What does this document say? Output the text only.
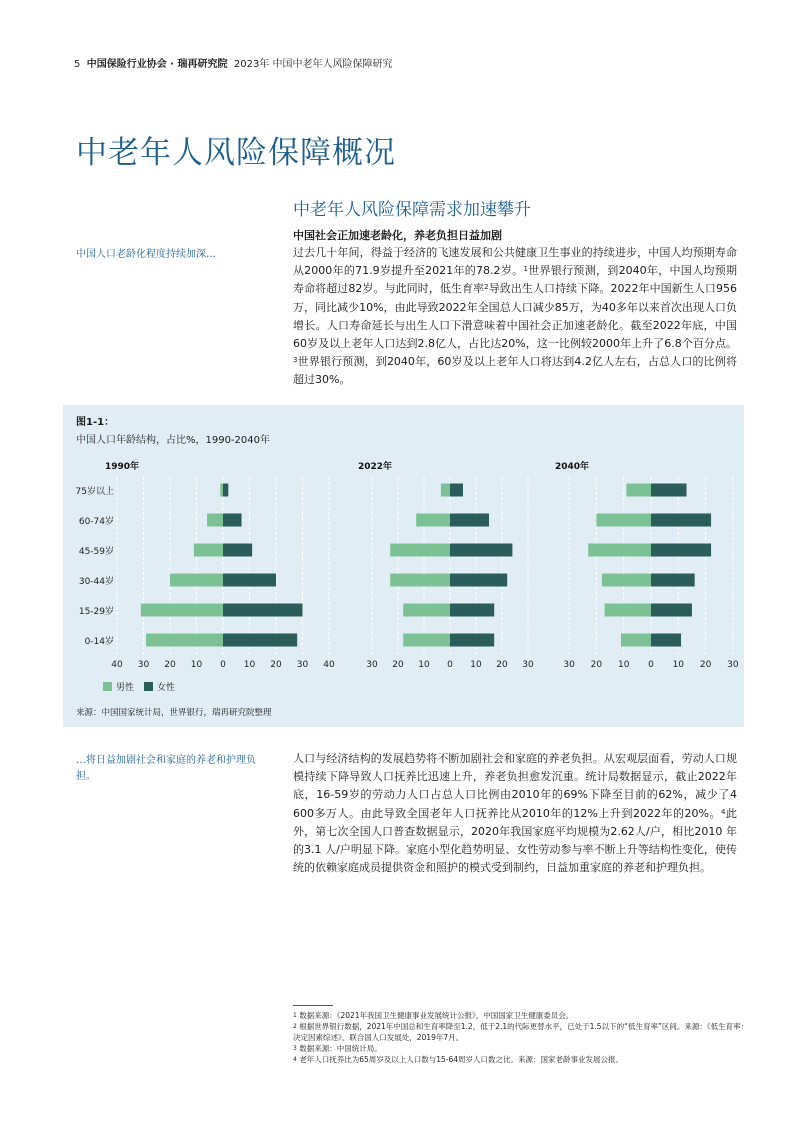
5 中国保险行业协会 · 瑞再研究院 2023年 中国中老年人风险保障研究
中老年人风险保障概况
中老年人风险保障需求加速攀升
中国人口老龄化程度持续加深…
中国社会正加速老龄化，养老负担日益加剧
过去几十年间，得益于经济的飞速发展和公共健康卫生事业的持续进步，中国人均预期寿命从2000年的71.9岁提升至2021年的78.2岁。$^1$世界银行预测，到2040年，中国人均预期寿命将超过82岁。与此同时，低生育率$^2$导致出生人口持续下降。2022年中国新生人口956万，同比减少10%，由此导致2022年全国总人口减少85万，为40多年以来首次出现人口负增长。人口寿命延长与出生人口下滑意味着中国社会正加速老龄化。截至2022年底，中国60岁及以上老年人口达到2.8亿人，占比达20%，这一比例较2000年上升了6.8个百分点。$^3$世界银行预测，到2040年，60岁及以上老年人口将达到4.2亿人左右，占总人口的比例将超过30%。
图1-1：
中国人口年龄结构，占比%，1990-2040年
75岁以上
60-74岁
45-59岁
30-44岁
15-29岁
0-14岁
1990年
40 30 20 10 0 10 20 30 40
2022年
30 20 10 0 10 20 30
2040年
30 20 10 0 10 20 30
男性	女性
来源：中国国家统计局，世界银行，瑞再研究院整理
…将日益加剧社会和家庭的养老和护理负担。
人口与经济结构的发展趋势将不断加剧社会和家庭的养老负担。从宏观层面看，劳动人口规模持续下降导致人口抚养比迅速上升，养老负担愈发沉重。统计局数据显示，截止2022年底，16-59岁的劳动力人口占总人口比例由2010年的69%下降至目前的62%，减少了4 600多万人。由此导致全国老年人口抚养比从2010年的12%上升到2022年的20%。$^4$此外，第七次全国人口普查数据显示，2020年我国家庭平均规模为2.62人/户，相比2010 年的3.1 人/户明显下降。家庭小型化趋势明显、女性劳动参与率不断上升等结构性变化，使传统的依赖家庭成员提供资金和照护的模式受到制约，日益加重家庭的养老和护理负担。
$^1$ 数据来源：《2021年我国卫生健康事业发展统计公报》，中国国家卫生健康委员会。
$^2$ 根据世界银行数据，2021年中国总和生育率降至1.2，低于2.1的代际更替水平，已处于1.5以下的“低生育率”区间。来源：《低生育率：决定因素综述》，联合国人口发展处，2019年7月。
$^3$ 数据来源：中国统计局。
$^4$ 老年人口抚养比为65周岁及以上人口数与15-64周岁人口数之比。来源：国家老龄事业发展公报。
